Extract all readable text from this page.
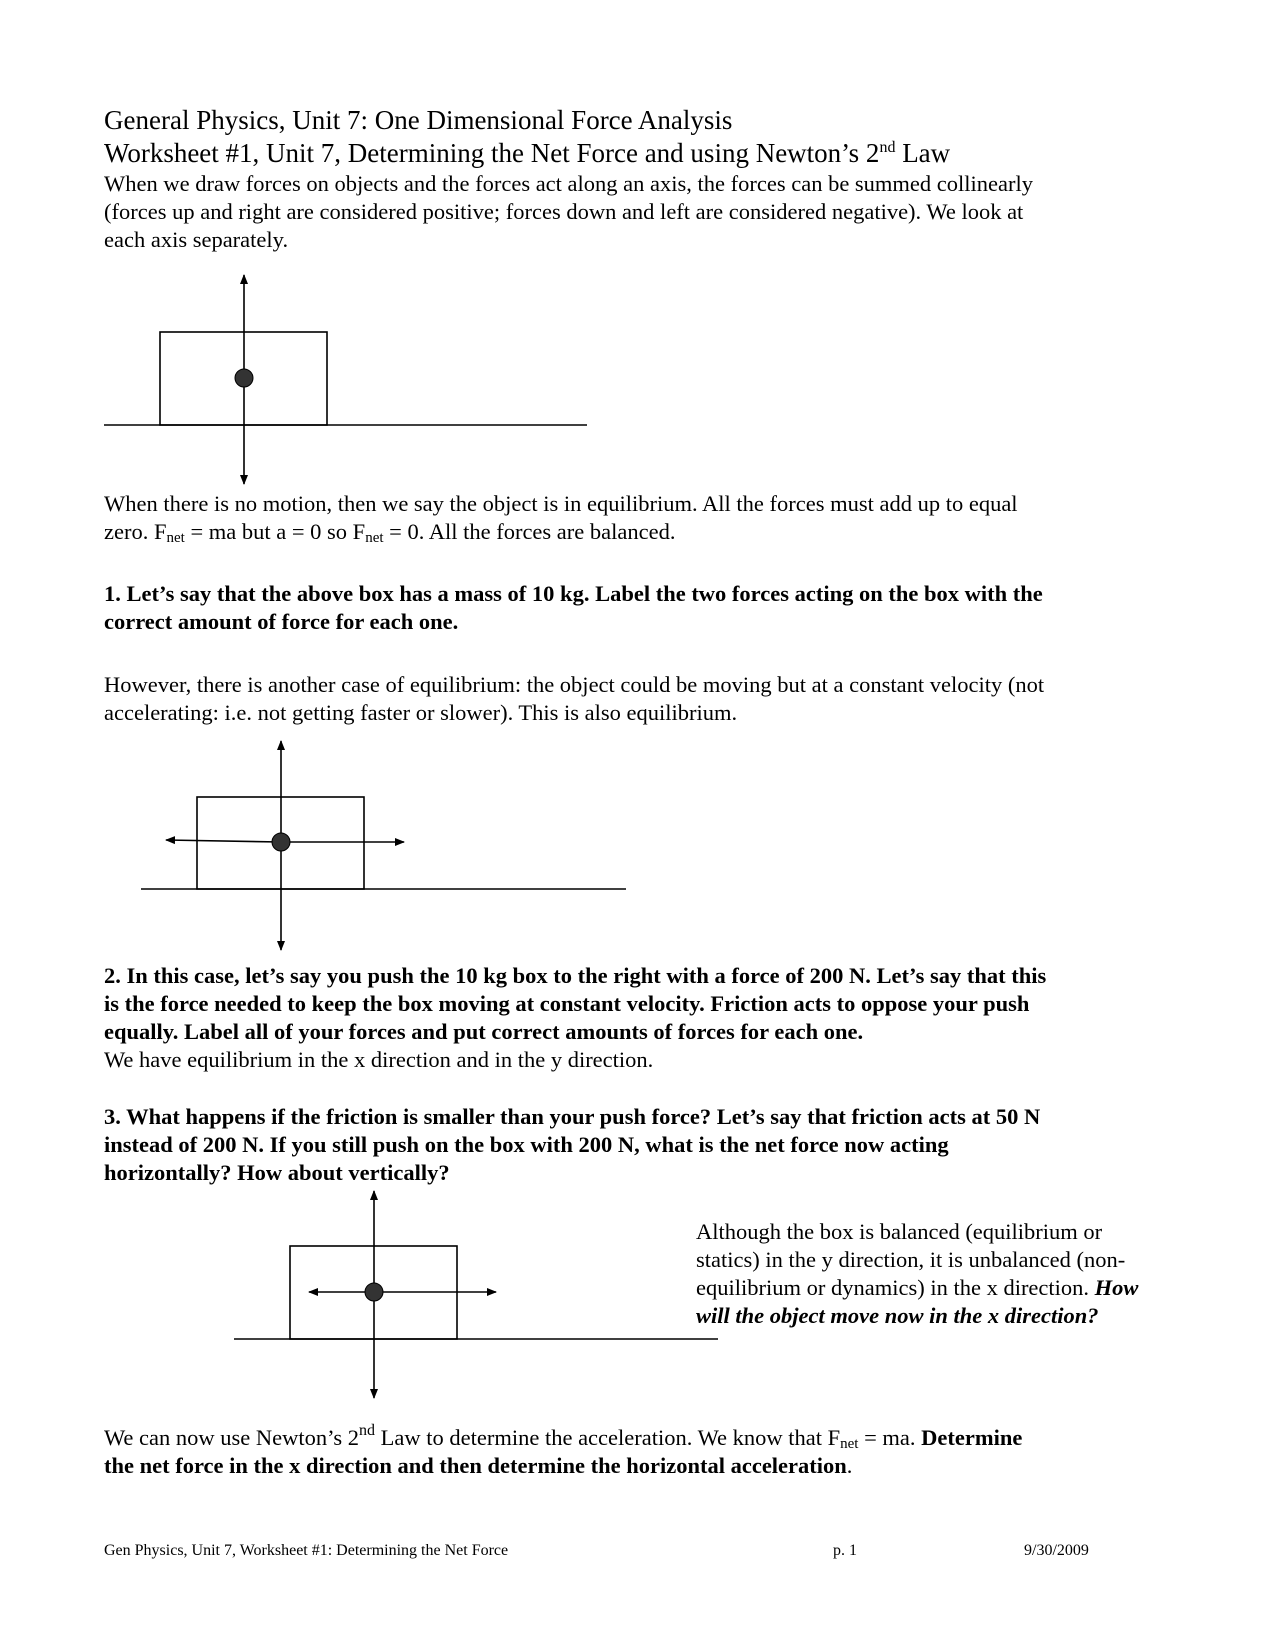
General Physics, Unit 7: One Dimensional Force Analysis
Worksheet #1, Unit 7, Determining the Net Force and using Newton’s 2nd Law
When we draw forces on objects and the forces act along an axis, the forces can be summed collinearly
(forces up and right are considered positive; forces down and left are considered negative). We look at
each axis separately.
When there is no motion, then we say the object is in equilibrium. All the forces must add up to equal
zero. $F_{net}$ = ma but a = 0 so $F_{net} = 0$. All the forces are balanced.
1. Let’s say that the above box has a mass of 10 kg. Label the two forces acting on the box with the
correct amount of force for each one.
However, there is another case of equilibrium: the object could be moving but at a constant velocity (not
accelerating: i.e. not getting faster or slower). This is also equilibrium.
2. In this case, let’s say you push the 10 kg box to the right with a force of 200 N. Let’s say that this
is the force needed to keep the box moving at constant velocity. Friction acts to oppose your push
equally. Label all of your forces and put correct amounts of forces for each one.
We have equilibrium in the x direction and in the y direction.
3. What happens if the friction is smaller than your push force? Let’s say that friction acts at 50 N
instead of 200 N. If you still push on the box with 200 N, what is the net force now acting
horizontally? How about vertically?
Although the box is balanced (equilibrium or
statics) in the y direction, it is unbalanced (non-
equilibrium or dynamics) in the x direction. How
will the object move now in the x direction?
We can now use Newton’s 2nd Law to determine the acceleration. We know that $F_{net}$ = ma. Determine
the net force in the x direction and then determine the horizontal acceleration.
Gen Physics, Unit 7, Worksheet #1: Determining the Net Force	p. 1	9/30/2009
